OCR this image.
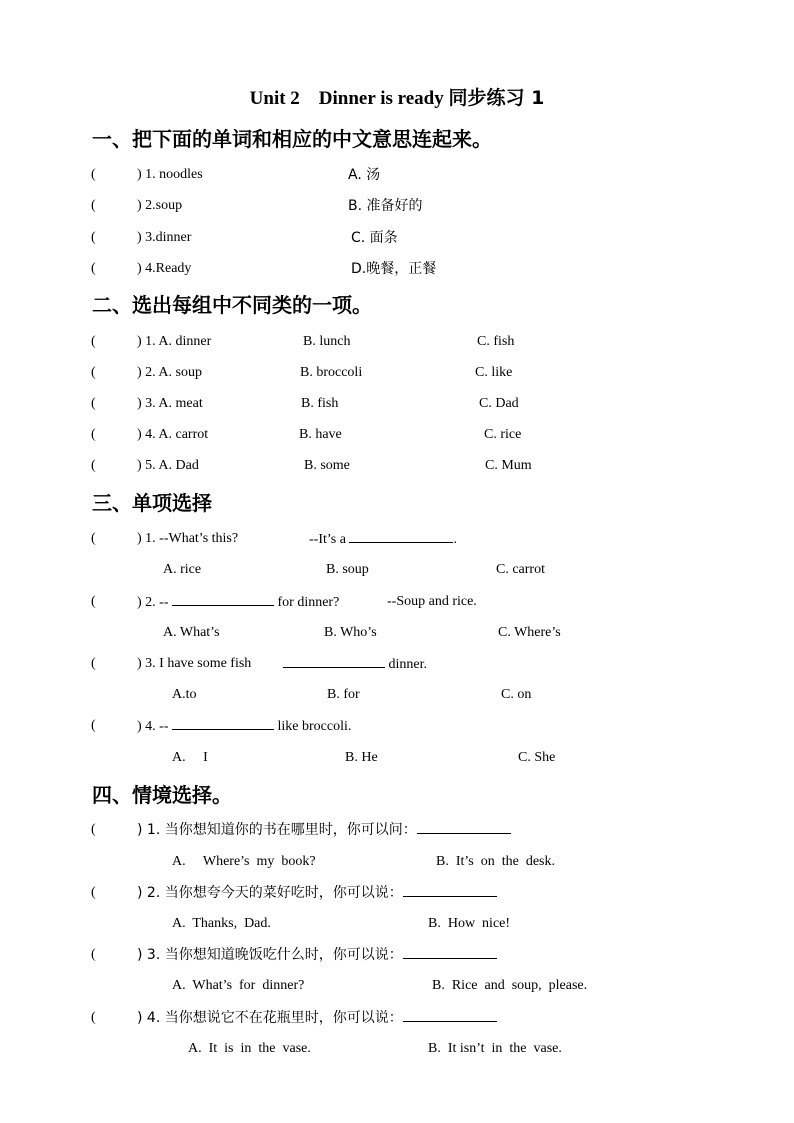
Unit 2    Dinner is ready 同步练习 1
一、把下面的单词和相应的中文意思连起来。
(	) 1. noodles	A. 汤
(	) 2.soup	B. 准备好的
(	) 3.dinner	C. 面条
(	) 4.Ready	D.晚餐，正餐
二、选出每组中不同类的一项。
(	) 1. A. dinner	B. lunch	C. fish
(	) 2. A. soup	B. broccoli	C. like
(	) 3. A. meat	B. fish	C. Dad
(	) 4. A. carrot	B. have	C. rice
(	) 5. A. Dad	B. some	C. Mum
三、单项选择
(	) 1. --What’s this?	--It’s a	.
A. rice	B. soup	C. carrot
(	) 2. --	for dinner?	--Soup and rice.
A. What’s	B. Who’s	C. Where’s
(	) 3. I have some fish	dinner.
A.to	B. for	C. on
(	) 4. --	like broccoli.
A.     I	B. He	C. She
四、情境选择。
(	) 1. 当你想知道你的书在哪里时，你可以问：
A.     Where’s  my  book?	B.  It’s  on  the  desk.
(	) 2. 当你想夸今天的菜好吃时，你可以说：
A.  Thanks,  Dad.	B.  How  nice!
(	) 3. 当你想知道晚饭吃什么时，你可以说：
A.  What’s  for  dinner?	B.  Rice  and  soup,  please.
(	) 4. 当你想说它不在花瓶里时，你可以说：
A.  It  is  in  the  vase.	B.  It isn’t  in  the  vase.
